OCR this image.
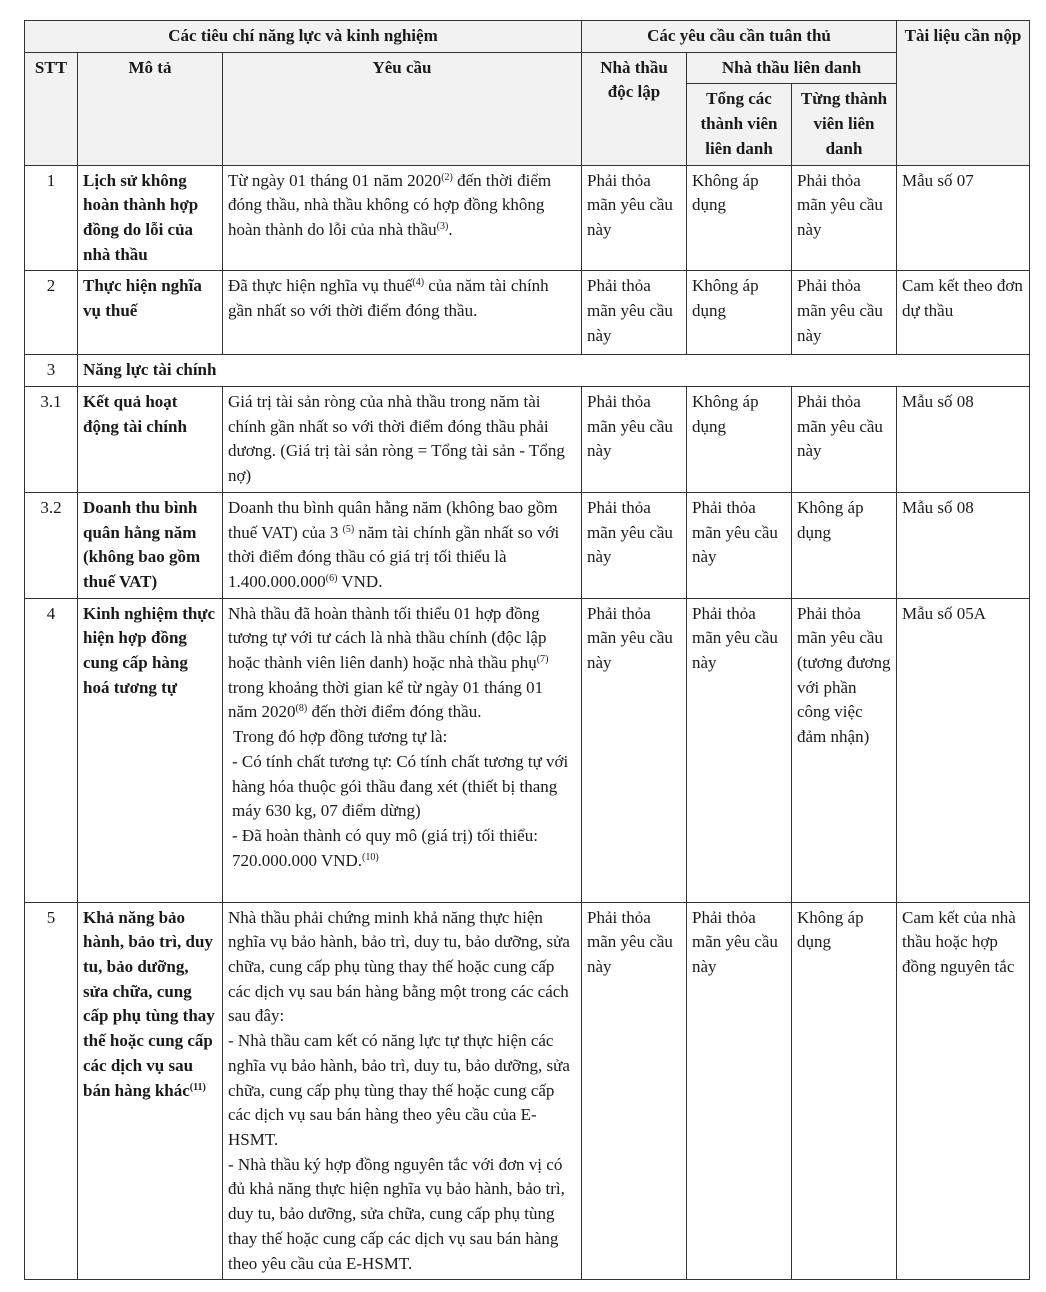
Các tiêu chí năng lực và kinh nghiệm			Các yêu cầu cần tuân thủ			Tài liệu cần nộp
STT	Mô tả	Yêu cầu	Nhà thầu độc lập	Nhà thầu liên danh		
				Tổng các thành viên liên danh	Từng thành viên liên danh	
1	Lịch sử không hoàn thành hợp đồng do lỗi của nhà thầu	Từ ngày 01 tháng 01 năm 2020$^{(2)}$ đến thời điểm đóng thầu, nhà thầu không có hợp đồng không hoàn thành do lỗi của nhà thầu$^{(3)}$.	Phải thỏa mãn yêu cầu này	Không áp dụng	Phải thỏa mãn yêu cầu này	Mẫu số 07
2	Thực hiện nghĩa vụ thuế	Đã thực hiện nghĩa vụ thuế$^{(4)}$ của năm tài chính gần nhất so với thời điểm đóng thầu.	Phải thỏa mãn yêu cầu này	Không áp dụng	Phải thỏa mãn yêu cầu này	Cam kết theo đơn dự thầu
3	Năng lực tài chính					
3.1	Kết quả hoạt động tài chính	Giá trị tài sản ròng của nhà thầu trong năm tài chính gần nhất so với thời điểm đóng thầu phải dương. (Giá trị tài sản ròng = Tổng tài sản - Tổng nợ)	Phải thỏa mãn yêu cầu này	Không áp dụng	Phải thỏa mãn yêu cầu này	Mẫu số 08
3.2	Doanh thu bình quân hằng năm (không bao gồm thuế VAT)	Doanh thu bình quân hằng năm (không bao gồm thuế VAT) của 3 $^{(5)}$ năm tài chính gần nhất so với thời điểm đóng thầu có giá trị tối thiểu là 1.400.000.000$^{(6)}$ VND.	Phải thỏa mãn yêu cầu này	Phải thỏa mãn yêu cầu này	Không áp dụng	Mẫu số 08
4	Kinh nghiệm thực hiện hợp đồng cung cấp hàng hoá tương tự	Nhà thầu đã hoàn thành tối thiểu 01 hợp đồng tương tự với tư cách là nhà thầu chính (độc lập hoặc thành viên liên danh) hoặc nhà thầu phụ$^{(7)}$ trong khoảng thời gian kể từ ngày 01 tháng 01 năm 2020$^{(8)}$ đến thời điểm đóng thầu.
Trong đó hợp đồng tương tự là:
- Có tính chất tương tự: Có tính chất tương tự với hàng hóa thuộc gói thầu đang xét (thiết bị thang máy 630 kg, 07 điểm dừng)
- Đã hoàn thành có quy mô (giá trị) tối thiểu: 720.000.000 VND.$^{(10)}$	Phải thỏa mãn yêu cầu này	Phải thỏa mãn yêu cầu này	Phải thỏa mãn yêu cầu (tương đương với phần công việc đảm nhận)	Mẫu số 05A
5	Khả năng bảo hành, bảo trì, duy tu, bảo dưỡng, sửa chữa, cung cấp phụ tùng thay thế hoặc cung cấp các dịch vụ sau bán hàng khác$^{(11)}$	Nhà thầu phải chứng minh khả năng thực hiện nghĩa vụ bảo hành, bảo trì, duy tu, bảo dưỡng, sửa chữa, cung cấp phụ tùng thay thế hoặc cung cấp các dịch vụ sau bán hàng bằng một trong các cách sau đây:
- Nhà thầu cam kết có năng lực tự thực hiện các nghĩa vụ bảo hành, bảo trì, duy tu, bảo dưỡng, sửa chữa, cung cấp phụ tùng thay thế hoặc cung cấp các dịch vụ sau bán hàng theo yêu cầu của E-HSMT.
- Nhà thầu ký hợp đồng nguyên tắc với đơn vị có đủ khả năng thực hiện nghĩa vụ bảo hành, bảo trì, duy tu, bảo dưỡng, sửa chữa, cung cấp phụ tùng thay thế hoặc cung cấp các dịch vụ sau bán hàng theo yêu cầu của E-HSMT.	Phải thỏa mãn yêu cầu này	Phải thỏa mãn yêu cầu này	Không áp dụng	Cam kết của nhà thầu hoặc hợp đồng nguyên tắc
